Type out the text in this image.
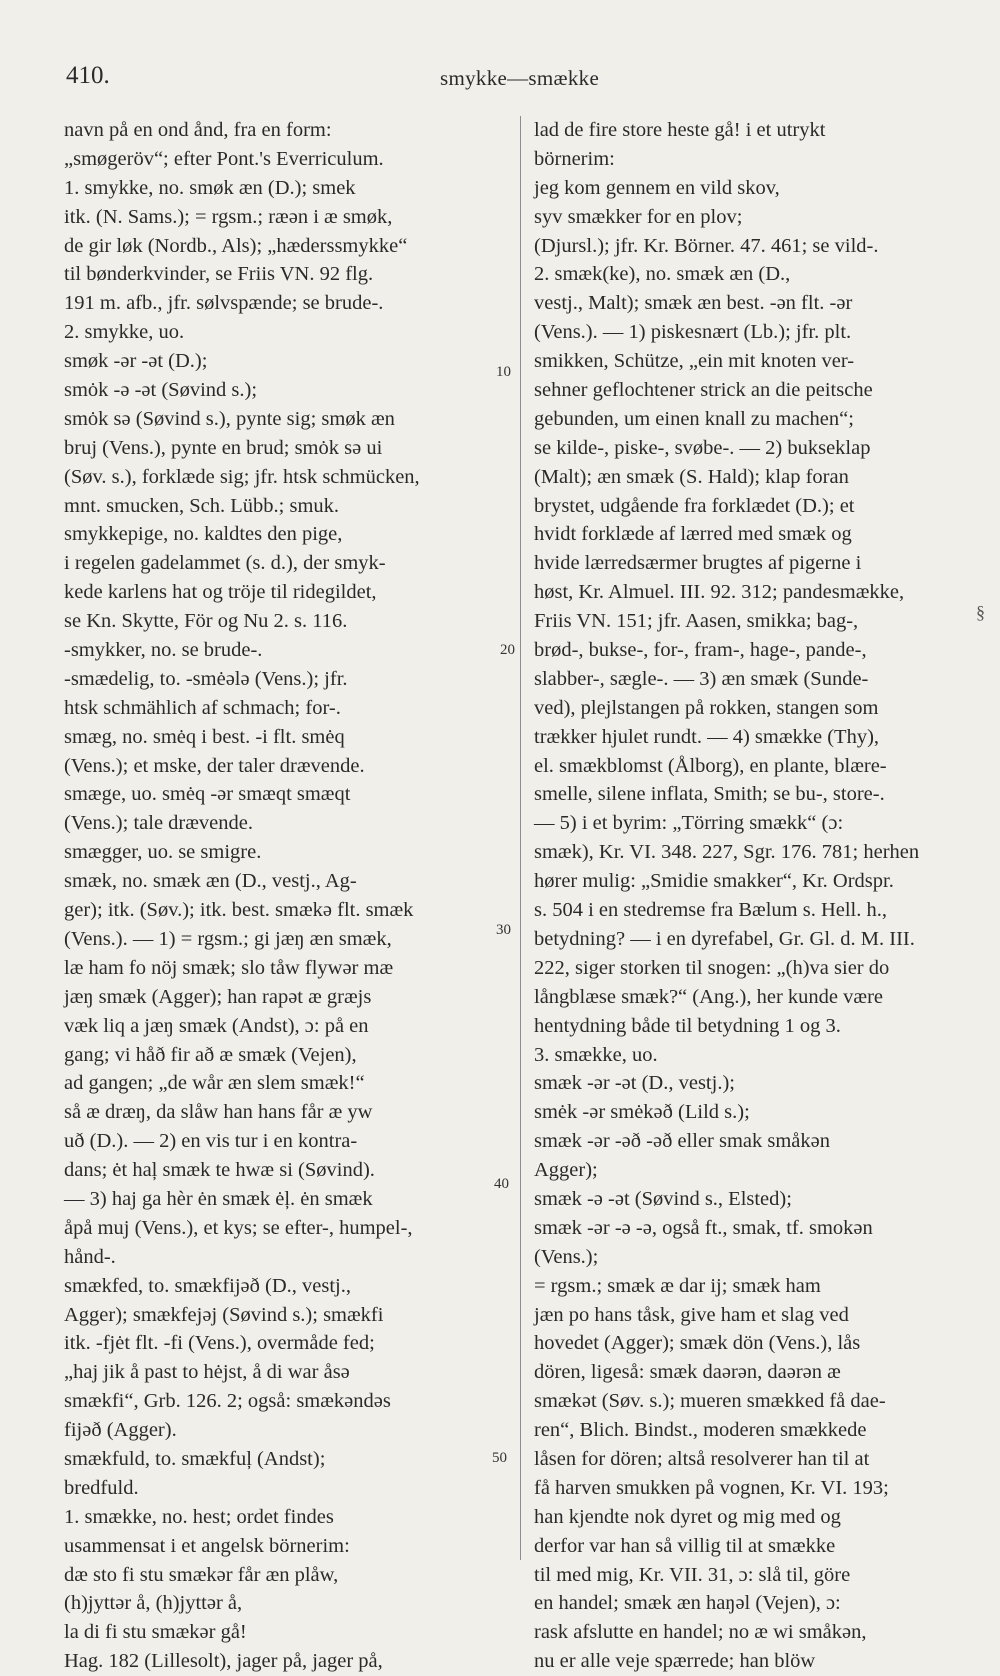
410.	smykke—smække
navn på en ond ånd, fra en form:
„smøgeröv“; efter Pont.'s Everriculum.
1. smykke, no. smøk æn (D.); smek
itk. (N. Sams.); = rgsm.; ræən i æ smøk,
de gir løk (Nordb., Als); „hæderssmykke“
til bønderkvinder, se Friis VN. 92 flg.
191 m. afb., jfr. sølvspænde; se brude-.
2. smykke, uo.
smøk -ər -ət (D.);
smȯk -ə -ət (Søvind s.);
smȯk sə (Søvind s.), pynte sig; smøk æn
bruj (Vens.), pynte en brud; smȯk sə ui
(Søv. s.), forklæde sig; jfr. htsk schmücken,
mnt. smucken, Sch. Lübb.; smuk.
smykkepige, no. kaldtes den pige,
i regelen gadelammet (s. d.), der smyk-
kede karlens hat og tröje til ridegildet,
se Kn. Skytte, För og Nu 2. s. 116.
-smykker, no. se brude-.
-smædelig, to. -smėələ (Vens.); jfr.
htsk schmählich af schmach; for-.
smæg, no. smėq i best. -i flt. smėq
(Vens.); et mske, der taler drævende.
smæge, uo. smėq -ər smæqt smæqt
(Vens.); tale drævende.
smægger, uo. se smigre.
smæk, no. smæk æn (D., vestj., Ag-
ger); itk. (Søv.); itk. best. smækə flt. smæk
(Vens.). — 1) = rgsm.; gi jæŋ æn smæk,
læ ham fo nöj smæk; slo tåw flywər mæ
jæŋ smæk (Agger); han rapət æ græjs
væk liq a jæŋ smæk (Andst), ɔ: på en
gang; vi håð fir að æ smæk (Vejen),
ad gangen; „de wår æn slem smæk!“
så æ dræŋ, da slåw han hans får æ yw
uð (D.). — 2) en vis tur i en kontra-
dans; ėt haļ smæk te hwæ si (Søvind).
— 3) haj ga hèr ėn smæk ėļ. ėn smæk
åpå muj (Vens.), et kys; se efter-, humpel-,
hånd-.
smækfed, to. smækfijəð (D., vestj.,
Agger); smækfejəj (Søvind s.); smækfi
itk. -fjėt flt. -fi (Vens.), overmåde fed;
„haj jik å past to hėjst, å di war åsə
smækfi“, Grb. 126. 2; også: smækəndəs
fijəð (Agger).
smækfuld, to. smækfuļ (Andst);
bredfuld.
1. smække, no. hest; ordet findes
usammensat i et angelsk börnerim:
dæ sto fi stu smækər får æn plåw,
(h)jyttər å, (h)jyttər å,
la di fi stu smækər gå!
Hag. 182 (Lillesolt), jager på, jager på,
lad de fire store heste gå! i et utrykt
börnerim:
jeg kom gennem en vild skov,
syv smækker for en plov;
(Djursl.); jfr. Kr. Börner. 47. 461; se vild-.
2. smæk(ke), no. smæk æn (D.,
vestj., Malt); smæk æn best. -ən flt. -ər
(Vens.). — 1) piskesnært (Lb.); jfr. plt.
smikken, Schütze, „ein mit knoten ver-
sehner geflochtener strick an die peitsche
gebunden, um einen knall zu machen“;
se kilde-, piske-, svøbe-. — 2) bukseklap
(Malt); æn smæk (S. Hald); klap foran
brystet, udgående fra forklædet (D.); et
hvidt forklæde af lærred med smæk og
hvide lærredsærmer brugtes af pigerne i
høst, Kr. Almuel. III. 92. 312; pandesmække,
Friis VN. 151; jfr. Aasen, smikka; bag-,
brød-, bukse-, for-, fram-, hage-, pande-,
slabber-, sægle-. — 3) æn smæk (Sunde-
ved), plejlstangen på rokken, stangen som
trækker hjulet rundt. — 4) smække (Thy),
el. smækblomst (Ålborg), en plante, blære-
smelle, silene inflata, Smith; se bu-, store-.
— 5) i et byrim: „Törring smækk“ (ɔ:
smæk), Kr. VI. 348. 227, Sgr. 176. 781; herhen
hører mulig: „Smidie smakker“, Kr. Ordspr.
s. 504 i en stedremse fra Bælum s. Hell. h.,
betydning? — i en dyrefabel, Gr. Gl. d. M. III.
222, siger storken til snogen: „(h)va sier do
långblæse smæk?“ (Ang.), her kunde være
hentydning både til betydning 1 og 3.
3. smække, uo.
smæk -ər -ət (D., vestj.);
smėk -ər smėkəð (Lild s.);
smæk -ər -əð -əð eller smak småkən
Agger);
smæk -ə -ət (Søvind s., Elsted);
smæk -ər -ə -ə, også ft., smak, tf. smokən
(Vens.);
= rgsm.; smæk æ dar ij; smæk ham
jæn po hans tåsk, give ham et slag ved
hovedet (Agger); smæk dön (Vens.), lås
dören, ligeså: smæk daərən, daərən æ
smækət (Søv. s.); mueren smækked få dae-
ren“, Blich. Bindst., moderen smækkede
låsen for dören; altså resolverer han til at
få harven smukken på vognen, Kr. VI. 193;
han kjendte nok dyret og mig med og
derfor var han så villig til at smække
til med mig, Kr. VII. 31, ɔ: slå til, göre
en handel; smæk æn haŋəl (Vejen), ɔ:
rask afslutte en handel; no æ wi småkən,
nu er alle veje spærrede; han blöw
10
20
30
40
50
§
